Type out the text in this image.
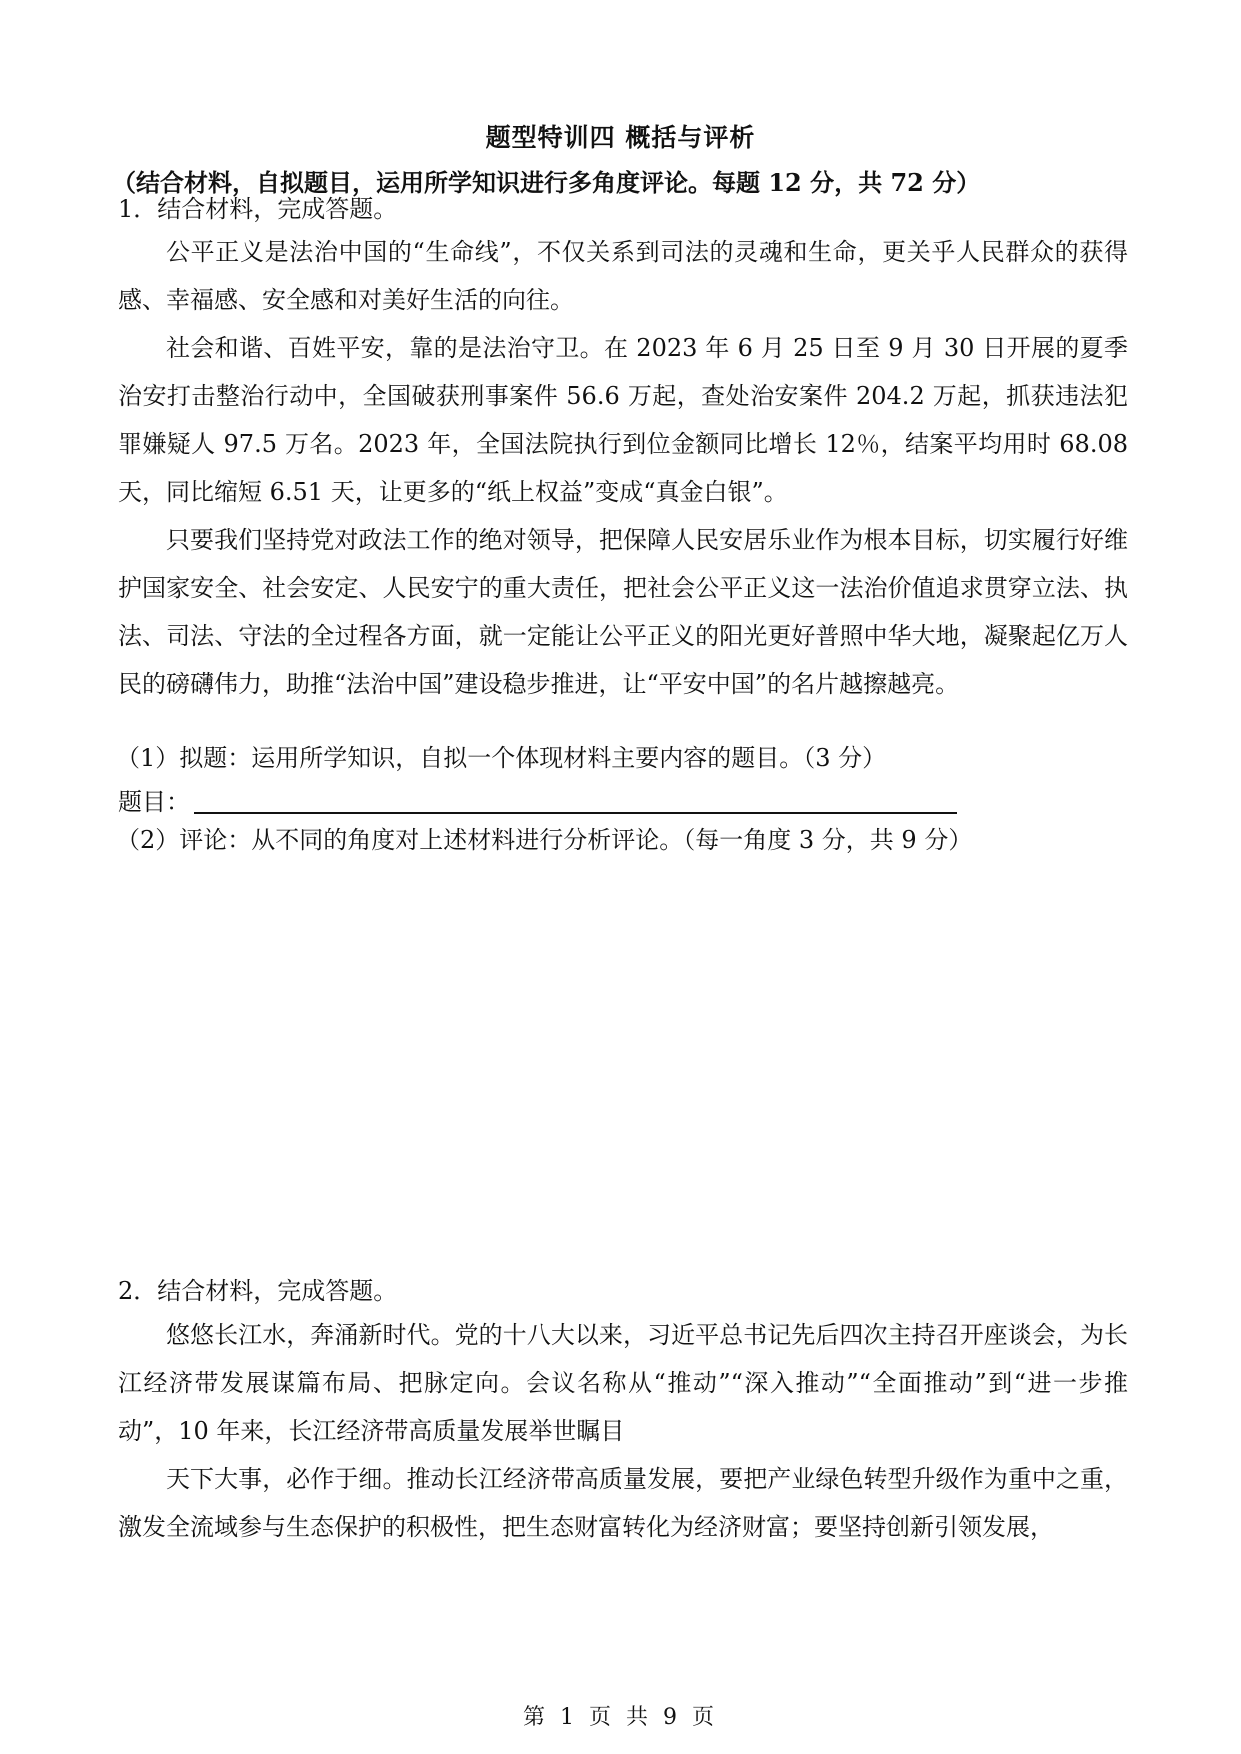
题型特训四 概括与评析
（结合材料，自拟题目，运用所学知识进行多角度评论。每题 12 分，共 72 分）
1．结合材料，完成答题。
公平正义是法治中国的“生命线”，不仅关系到司法的灵魂和生命，更关乎人民群众的获得感、幸福感、安全感和对美好生活的向往。
社会和谐、百姓平安，靠的是法治守卫。在 2023 年 6 月 25 日至 9 月 30 日开展的夏季治安打击整治行动中，全国破获刑事案件 56.6 万起，查处治安案件 204.2 万起，抓获违法犯罪嫌疑人 97.5 万名。2023 年，全国法院执行到位金额同比增长 12％，结案平均用时 68.08 天，同比缩短 6.51 天，让更多的“纸上权益”变成“真金白银”。
只要我们坚持党对政法工作的绝对领导，把保障人民安居乐业作为根本目标，切实履行好维护国家安全、社会安定、人民安宁的重大责任，把社会公平正义这一法治价值追求贯穿立法、执法、司法、守法的全过程各方面，就一定能让公平正义的阳光更好普照中华大地，凝聚起亿万人民的磅礴伟力，助推“法治中国”建设稳步推进，让“平安中国”的名片越擦越亮。
（1）拟题：运用所学知识，自拟一个体现材料主要内容的题目。（3 分）
题目：
（2）评论：从不同的角度对上述材料进行分析评论。（每一角度 3 分，共 9 分）
2．结合材料，完成答题。
悠悠长江水，奔涌新时代。党的十八大以来，习近平总书记先后四次主持召开座谈会，为长江经济带发展谋篇布局、把脉定向。会议名称从“推动”“深入推动”“全面推动”到“进一步推动”，10 年来，长江经济带高质量发展举世瞩目
天下大事，必作于细。推动长江经济带高质量发展，要把产业绿色转型升级作为重中之重，激发全流域参与生态保护的积极性，把生态财富转化为经济财富；要坚持创新引领发展，
第 1 页 共 9 页
